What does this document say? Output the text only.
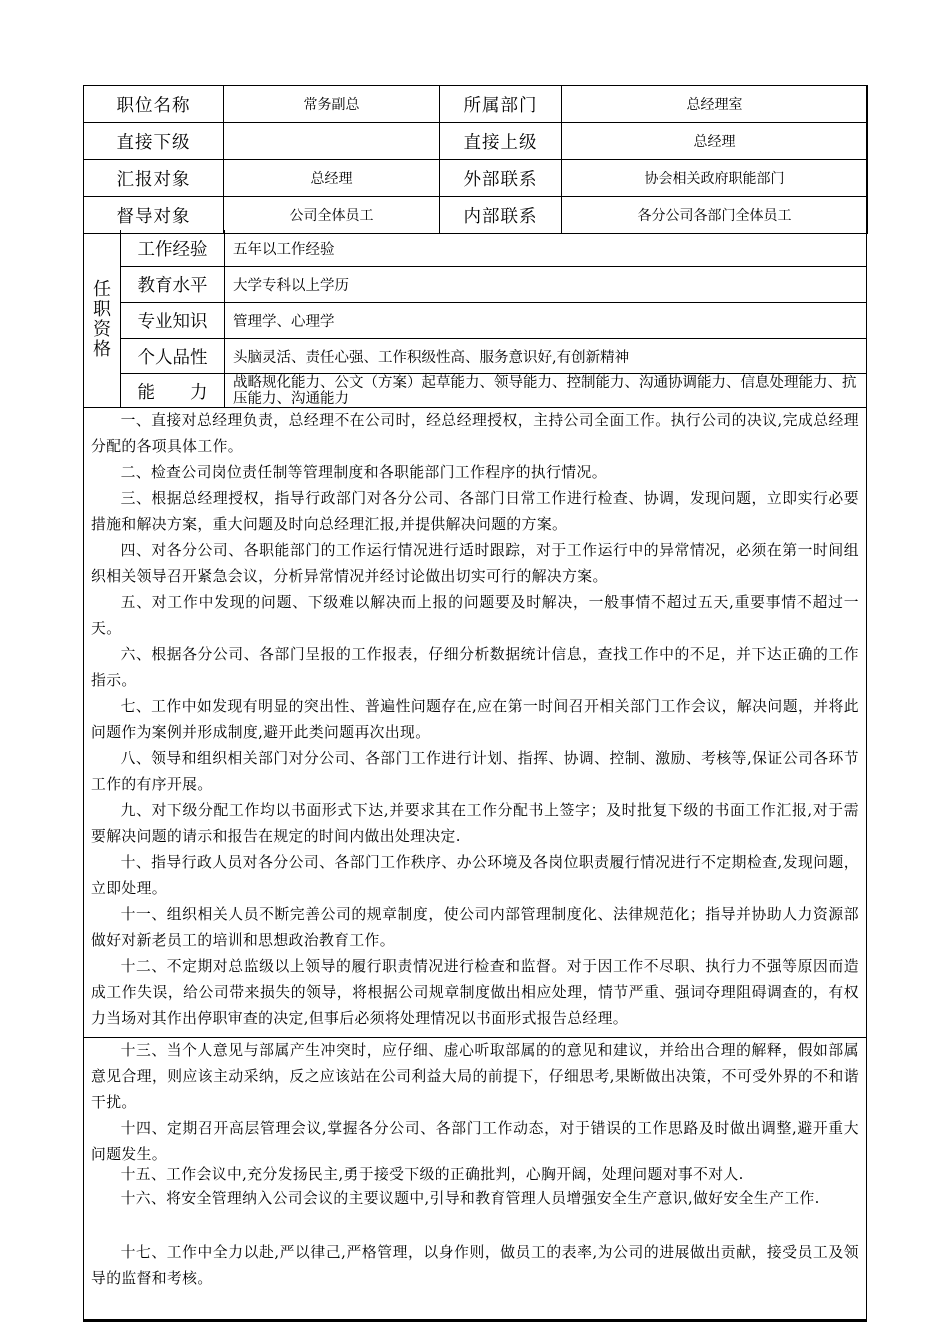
职位名称	常务副总	所属部门	总经理室
直接下级		直接上级	总经理
汇报对象	总经理	外部联系	协会相关政府职能部门
督导对象	公司全体员工	内部联系	各分公司各部门全体员工
任
职
资
格
工作经验	五年以工作经验
教育水平	大学专科以上学历
专业知识	管理学、心理学
个人品性	头脑灵活、责任心强、工作积级性高、服务意识好,有创新精神
能　　力	战略规化能力、公文（方案）起草能力、领导能力、控制能力、沟通协调能力、信息处理能力、抗压能力、沟通能力
一、直接对总经理负责，总经理不在公司时，经总经理授权，主持公司全面工作。执行公司的决议,完成总经理分配的各项具体工作。
二、检查公司岗位责任制等管理制度和各职能部门工作程序的执行情况。
三、根据总经理授权，指导行政部门对各分公司、各部门日常工作进行检查、协调，发现问题，立即实行必要措施和解决方案，重大问题及时向总经理汇报,并提供解决问题的方案。
四、对各分公司、各职能部门的工作运行情况进行适时跟踪，对于工作运行中的异常情况，必须在第一时间组织相关领导召开紧急会议，分析异常情况并经讨论做出切实可行的解决方案。
五、对工作中发现的问题、下级难以解决而上报的问题要及时解决，一般事情不超过五天,重要事情不超过一天。
六、根据各分公司、各部门呈报的工作报表，仔细分析数据统计信息，查找工作中的不足，并下达正确的工作指示。
七、工作中如发现有明显的突出性、普遍性问题存在,应在第一时间召开相关部门工作会议，解决问题，并将此问题作为案例并形成制度,避开此类问题再次出现。
八、领导和组织相关部门对分公司、各部门工作进行计划、指挥、协调、控制、激励、考核等,保证公司各环节工作的有序开展。
九、对下级分配工作均以书面形式下达,并要求其在工作分配书上签字；及时批复下级的书面工作汇报,对于需要解决问题的请示和报告在规定的时间内做出处理决定.
十、指导行政人员对各分公司、各部门工作秩序、办公环境及各岗位职责履行情况进行不定期检查,发现问题，立即处理。
十一、组织相关人员不断完善公司的规章制度，使公司内部管理制度化、法律规范化；指导并协助人力资源部做好对新老员工的培训和思想政治教育工作。
十二、不定期对总监级以上领导的履行职责情况进行检查和监督。对于因工作不尽职、执行力不强等原因而造成工作失误，给公司带来损失的领导，将根据公司规章制度做出相应处理，情节严重、强词夺理阻碍调查的，有权力当场对其作出停职审查的决定,但事后必须将处理情况以书面形式报告总经理。
十三、当个人意见与部属产生冲突时，应仔细、虚心听取部属的的意见和建议，并给出合理的解释，假如部属意见合理，则应该主动采纳，反之应该站在公司利益大局的前提下，仔细思考,果断做出决策，不可受外界的不和谐干扰。
十四、定期召开高层管理会议,掌握各分公司、各部门工作动态，对于错误的工作思路及时做出调整,避开重大问题发生。
十五、工作会议中,充分发扬民主,勇于接受下级的正确批判，心胸开阔，处理问题对事不对人.
十六、将安全管理纳入公司会议的主要议题中,引导和教育管理人员增强安全生产意识,做好安全生产工作.
十七、工作中全力以赴,严以律己,严格管理，以身作则，做员工的表率,为公司的进展做出贡献，接受员工及领导的监督和考核。
